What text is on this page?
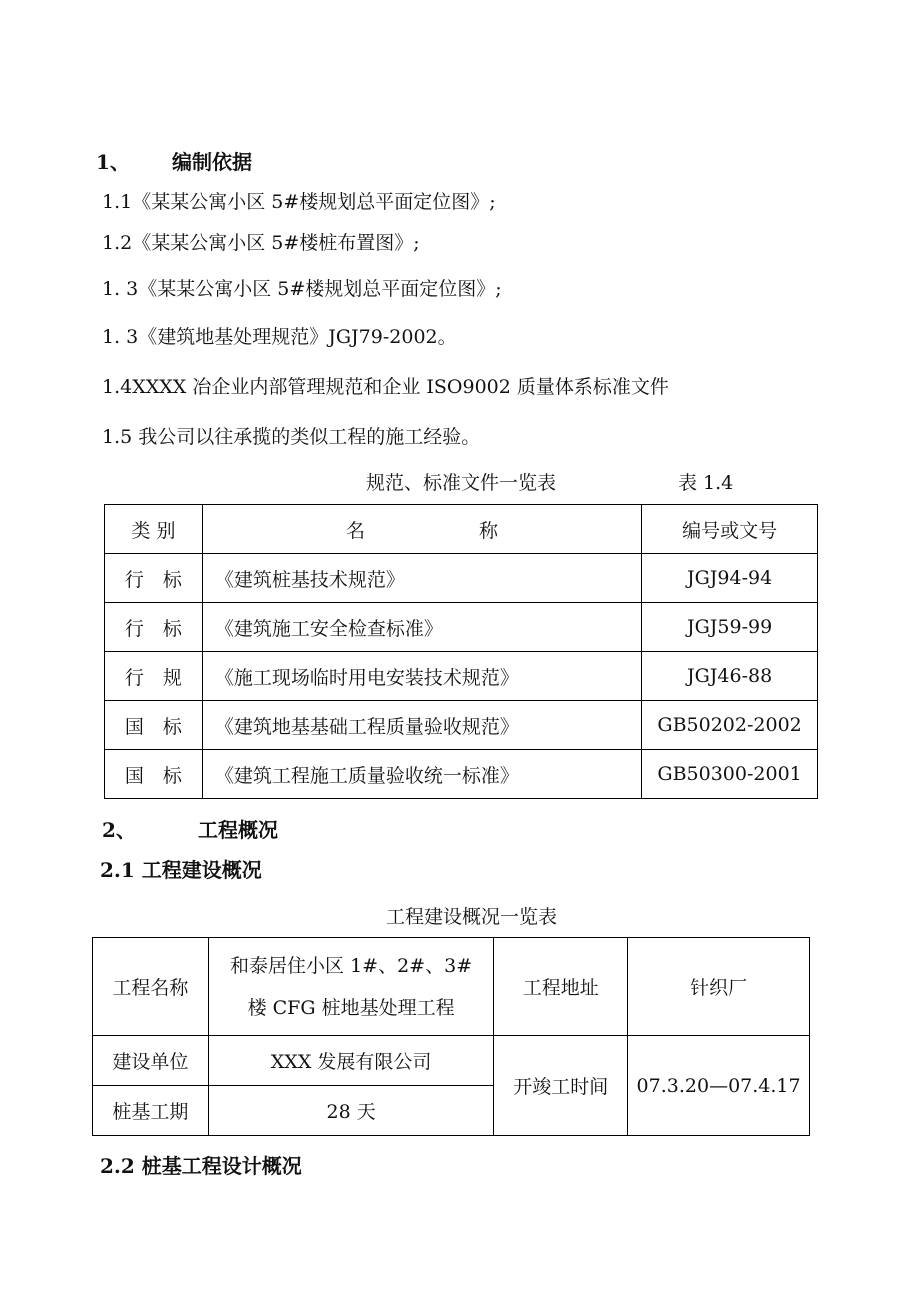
1、 编制依据
1.1《某某公寓小区 5#楼规划总平面定位图》;
1.2《某某公寓小区 5#楼桩布置图》;
1. 3《某某公寓小区 5#楼规划总平面定位图》;
1. 3《建筑地基处理规范》JGJ79-2002。
1.4XXXX 冶企业内部管理规范和企业 ISO9002 质量体系标准文件
1.5 我公司以往承揽的类似工程的施工经验。
规范、标准文件一览表	表 1.4
类 别	名　　　　　　称	编号或文号
行　标	《建筑桩基技术规范》	JGJ94-94
行　标	《建筑施工安全检查标准》	JGJ59-99
行　规	《施工现场临时用电安装技术规范》	JGJ46-88
国　标	《建筑地基基础工程质量验收规范》	GB50202-2002
国　标	《建筑工程施工质量验收统一标准》	GB50300-2001
2、	工程概况
2.1 工程建设概况
工程建设概况一览表
工程名称	和泰居住小区 1#、2#、3#
楼 CFG 桩地基处理工程	工程地址	针织厂
建设单位	XXX 发展有限公司	开竣工时间	07.3.20—07.4.17
桩基工期	28 天		
2.2 桩基工程设计概况
